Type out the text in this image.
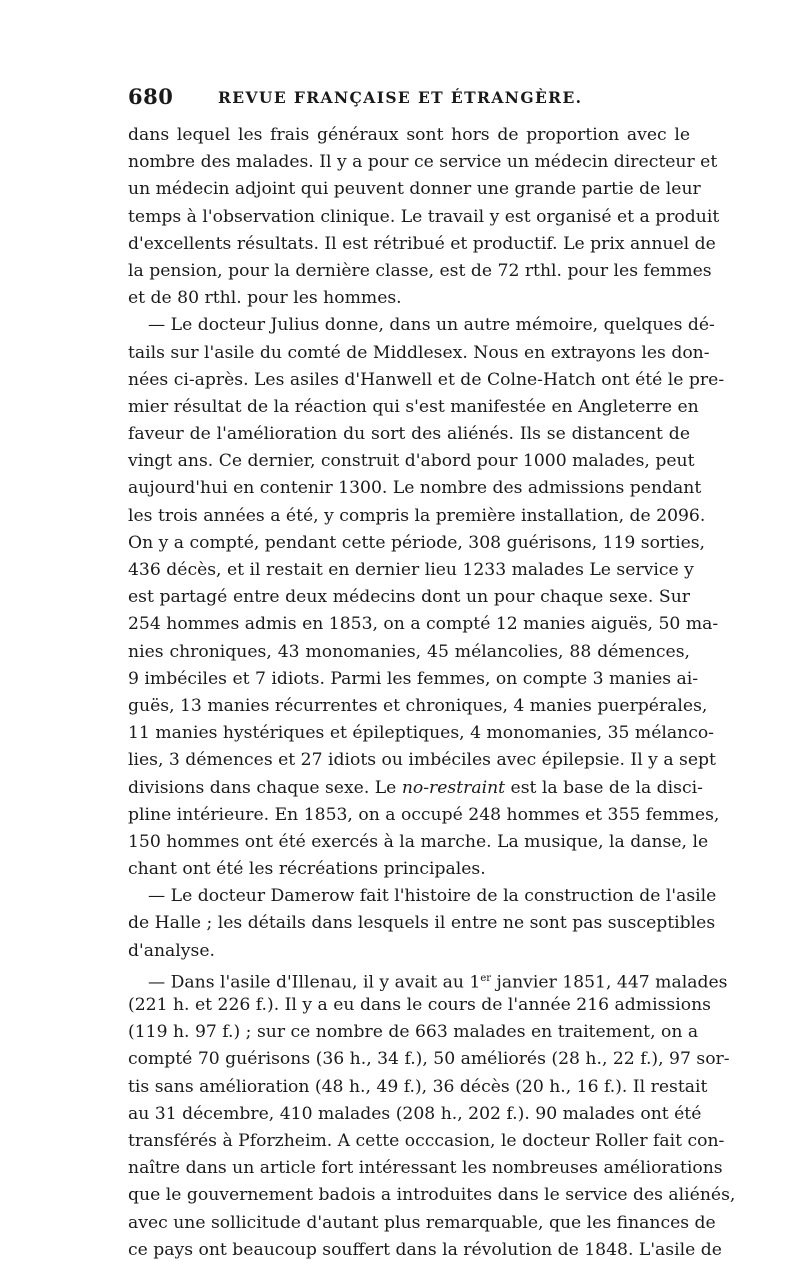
680	REVUE FRANÇAISE ET ÉTRANGÈRE.
dans lequel les frais généraux sont hors de proportion avec le
nombre des malades. Il y a pour ce service un médecin directeur et
un médecin adjoint qui peuvent donner une grande partie de leur
temps à l'observation clinique. Le travail y est organisé et a produit
d'excellents résultats. Il est rétribué et productif. Le prix annuel de
la pension, pour la dernière classe, est de 72 rthl. pour les femmes
et de 80 rthl. pour les hommes.
— Le docteur Julius donne, dans un autre mémoire, quelques dé-
tails sur l'asile du comté de Middlesex. Nous en extrayons les don-
nées ci-après. Les asiles d'Hanwell et de Colne-Hatch ont été le pre-
mier résultat de la réaction qui s'est manifestée en Angleterre en
faveur de l'amélioration du sort des aliénés. Ils se distancent de
vingt ans. Ce dernier, construit d'abord pour 1000 malades, peut
aujourd'hui en contenir 1300. Le nombre des admissions pendant
les trois années a été, y compris la première installation, de 2096.
On y a compté, pendant cette période, 308 guérisons, 119 sorties,
436 décès, et il restait en dernier lieu 1233 malades Le service y
est partagé entre deux médecins dont un pour chaque sexe. Sur
254 hommes admis en 1853, on a compté 12 manies aiguës, 50 ma-
nies chroniques, 43 monomanies, 45 mélancolies, 88 démences,
9 imbéciles et 7 idiots. Parmi les femmes, on compte 3 manies ai-
guës, 13 manies récurrentes et chroniques, 4 manies puerpérales,
11 manies hystériques et épileptiques, 4 monomanies, 35 mélanco-
lies, 3 démences et 27 idiots ou imbéciles avec épilepsie. Il y a sept
divisions dans chaque sexe. Le no-restraint est la base de la disci-
pline intérieure. En 1853, on a occupé 248 hommes et 355 femmes,
150 hommes ont été exercés à la marche. La musique, la danse, le
chant ont été les récréations principales.
— Le docteur Damerow fait l'histoire de la construction de l'asile
de Halle ; les détails dans lesquels il entre ne sont pas susceptibles
d'analyse.
— Dans l'asile d'Illenau, il y avait au 1er janvier 1851, 447 malades
(221 h. et 226 f.). Il y a eu dans le cours de l'année 216 admissions
(119 h. 97 f.) ; sur ce nombre de 663 malades en traitement, on a
compté 70 guérisons (36 h., 34 f.), 50 améliorés (28 h., 22 f.), 97 sor-
tis sans amélioration (48 h., 49 f.), 36 décès (20 h., 16 f.). Il restait
au 31 décembre, 410 malades (208 h., 202 f.). 90 malades ont été
transférés à Pforzheim. A cette occcasion, le docteur Roller fait con-
naître dans un article fort intéressant les nombreuses améliorations
que le gouvernement badois a introduites dans le service des aliénés,
avec une sollicitude d'autant plus remarquable, que les finances de
ce pays ont beaucoup souffert dans la révolution de 1848. L'asile de
